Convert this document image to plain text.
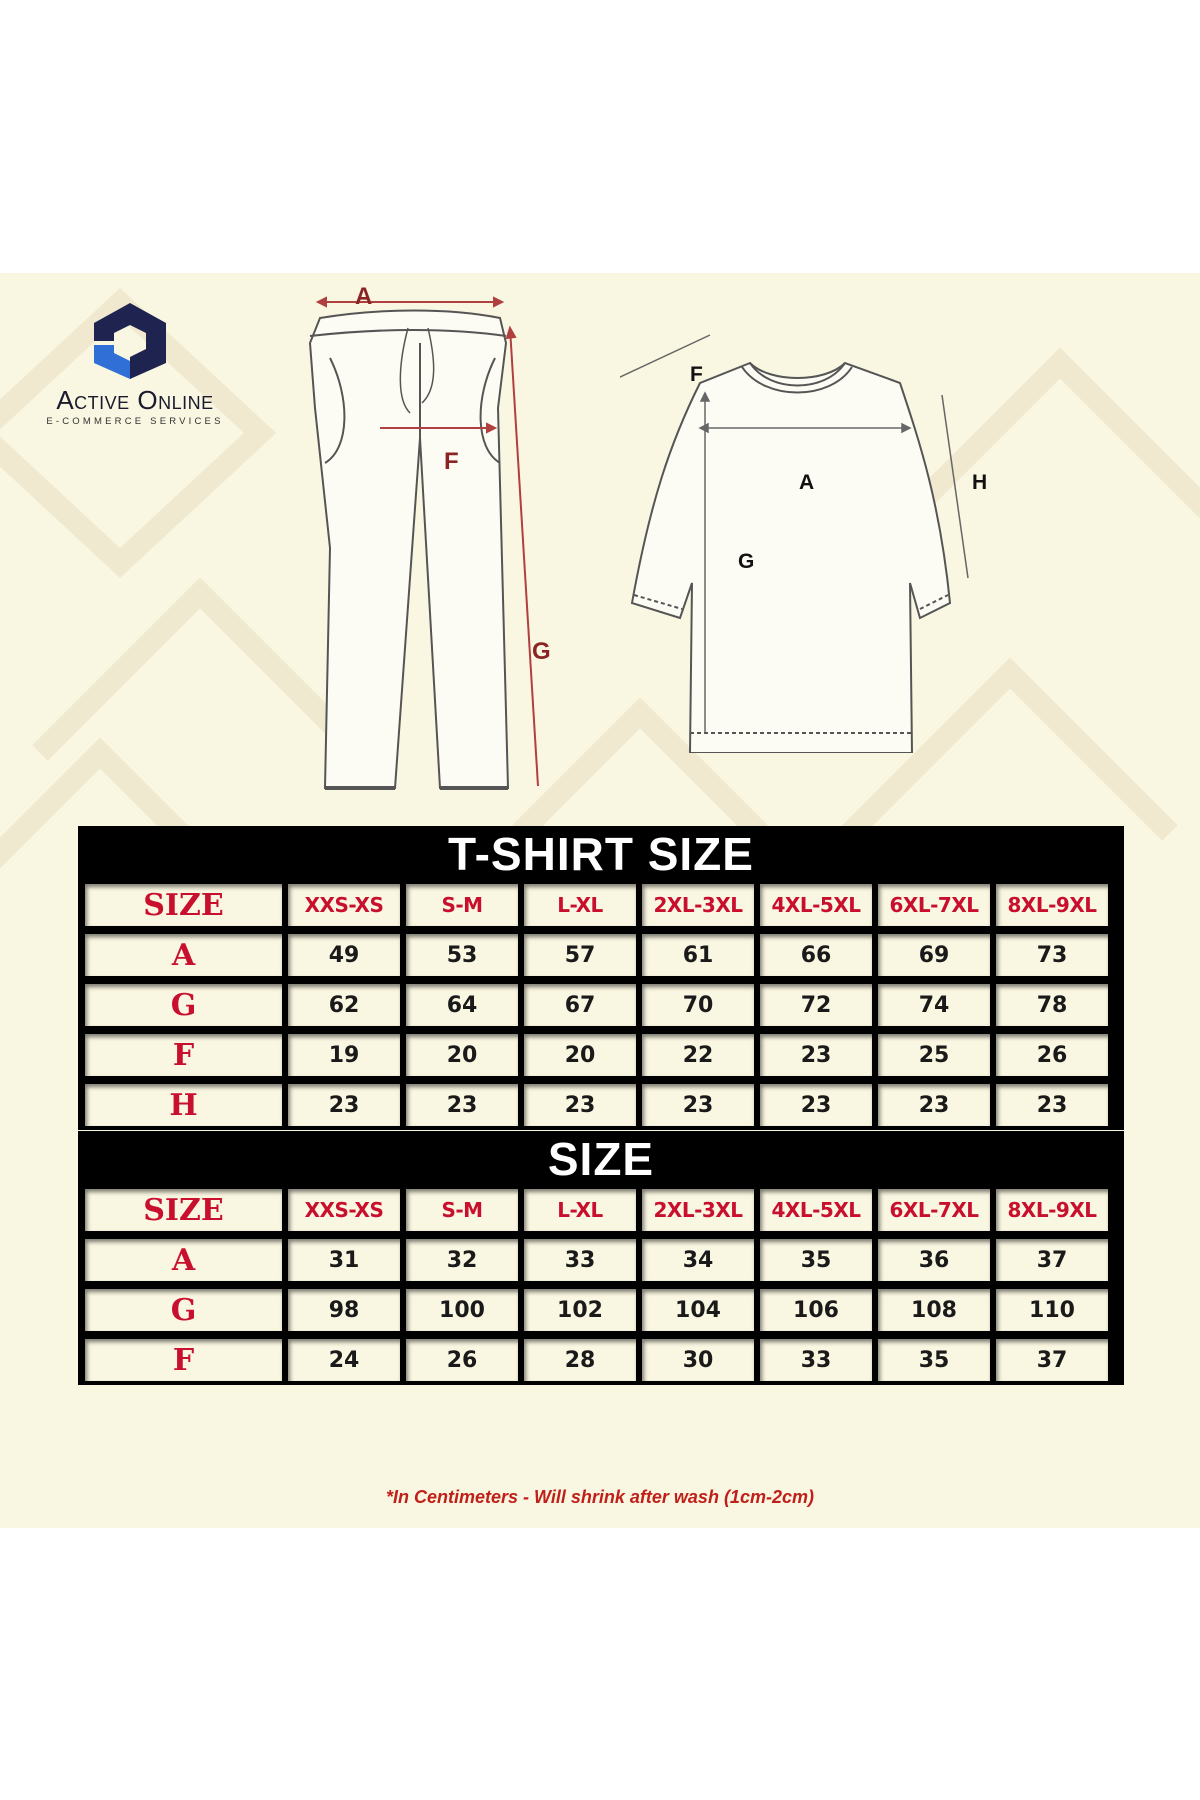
Active Online
E-COMMERCE SERVICES
A
F
G
A
F
G
H
T-SHIRT SIZE
SIZE	XXS-XS	S-M	L-XL	2XL-3XL	4XL-5XL	6XL-7XL	8XL-9XL
A	49	53	57	61	66	69	73
G	62	64	67	70	72	74	78
F	19	20	20	22	23	25	26
H	23	23	23	23	23	23	23
SIZE
SIZE	XXS-XS	S-M	L-XL	2XL-3XL	4XL-5XL	6XL-7XL	8XL-9XL
A	31	32	33	34	35	36	37
G	98	100	102	104	106	108	110
F	24	26	28	30	33	35	37
*In Centimeters - Will shrink after wash (1cm-2cm)
